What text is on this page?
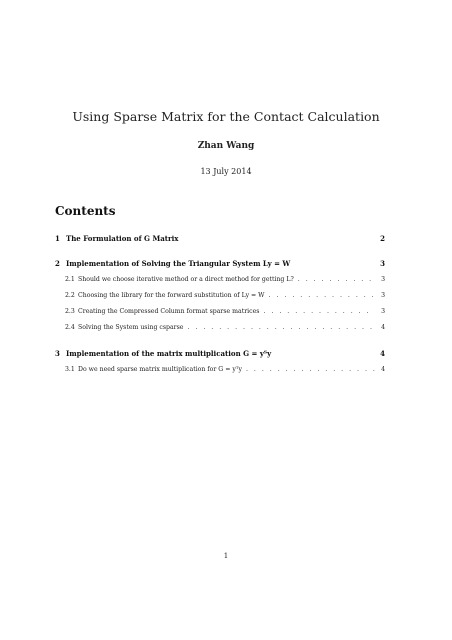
Using Sparse Matrix for the Contact Calculation
Zhan Wang
13 July 2014
Contents
1 The Formulation of G Matrix	2
2 Implementation of Solving the Triangular System Ly = W	3
2.1 Should we choose iterative method or a direct method for getting L? . . .	3
2.2 Choosing the library for the forward substitution of Ly = W . . .	3
2.3 Creating the Compressed Column format sparse matrices . . .	3
2.4 Solving the System using csparse . . .	4
3 Implementation of the matrix multiplication G = yᵀy	4
3.1 Do we need sparse matrix multiplication for G = yᵀy . . .	4
1
